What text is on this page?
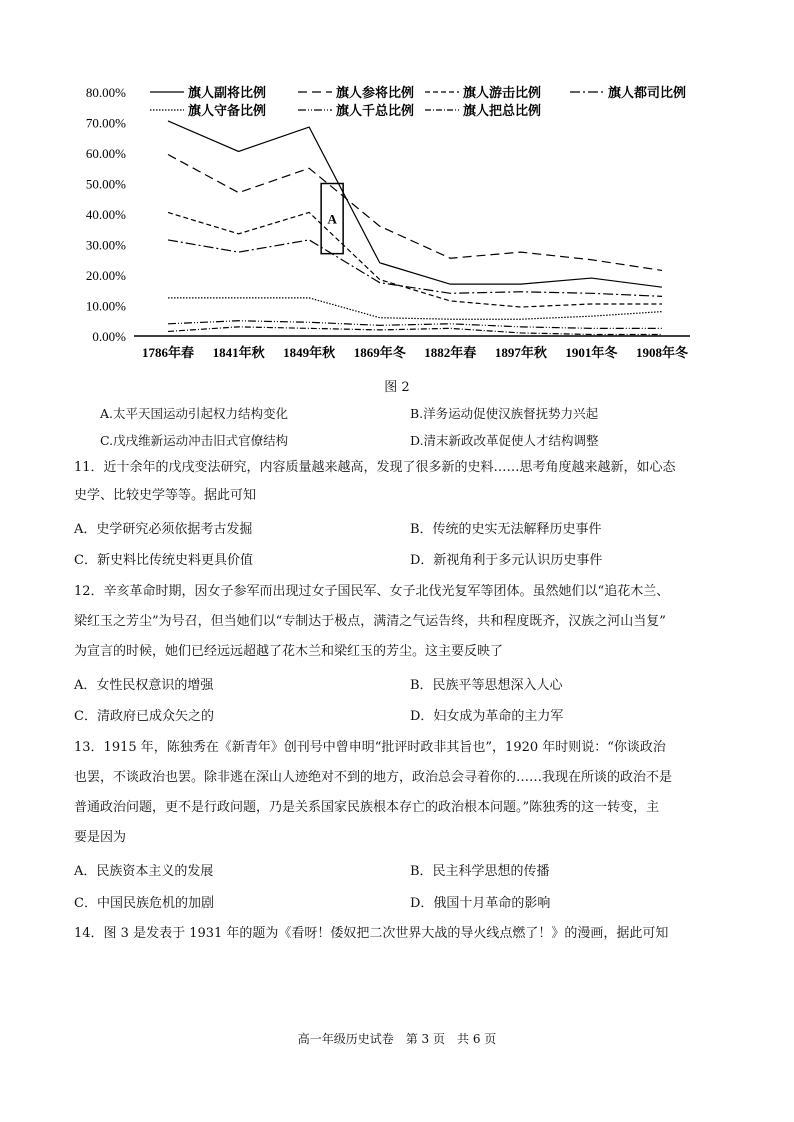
80.00%
70.00%
60.00%
50.00%
40.00%
30.00%
20.00%
10.00%
0.00%
1786年春 1841年秋 1849年秋 1869年冬 1882年春 1897年秋 1901年冬 1908年冬
旗人副将比例	旗人参将比例	旗人游击比例	旗人都司比例
旗人守备比例	旗人千总比例	旗人把总比例
A
图 2
A.太平天国运动引起权力结构变化	B.洋务运动促使汉族督抚势力兴起
C.戊戌维新运动冲击旧式官僚结构	D.清末新政改革促使人才结构调整
11．近十余年的戊戌变法研究，内容质量越来越高，发现了很多新的史料……思考角度越来越新，如心态
史学、比较史学等等。据此可知
A．史学研究必须依据考古发掘	B．传统的史实无法解释历史事件
C．新史料比传统史料更具价值	D．新视角利于多元认识历史事件
12．辛亥革命时期，因女子参军而出现过女子国民军、女子北伐光复军等团体。虽然她们以“追花木兰、
梁红玉之芳尘”为号召，但当她们以“专制达于极点，满清之气运告终，共和程度既齐，汉族之河山当复”
为宣言的时候，她们已经远远超越了花木兰和梁红玉的芳尘。这主要反映了
A．女性民权意识的增强	B．民族平等思想深入人心
C．清政府已成众矢之的	D．妇女成为革命的主力军
13．1915 年，陈独秀在《新青年》创刊号中曾申明“批评时政非其旨也”，1920 年时则说：“你谈政治
也罢，不谈政治也罢。除非逃在深山人迹绝对不到的地方，政治总会寻着你的……我现在所谈的政治不是
普通政治问题，更不是行政问题，乃是关系国家民族根本存亡的政治根本问题。”陈独秀的这一转变，主
要是因为
A．民族资本主义的发展	B．民主科学思想的传播
C．中国民族危机的加剧	D．俄国十月革命的影响
14．图 3 是发表于 1931 年的题为《看呀！倭奴把二次世界大战的导火线点燃了！》的漫画，据此可知
高一年级历史试卷　第 3 页　共 6 页
